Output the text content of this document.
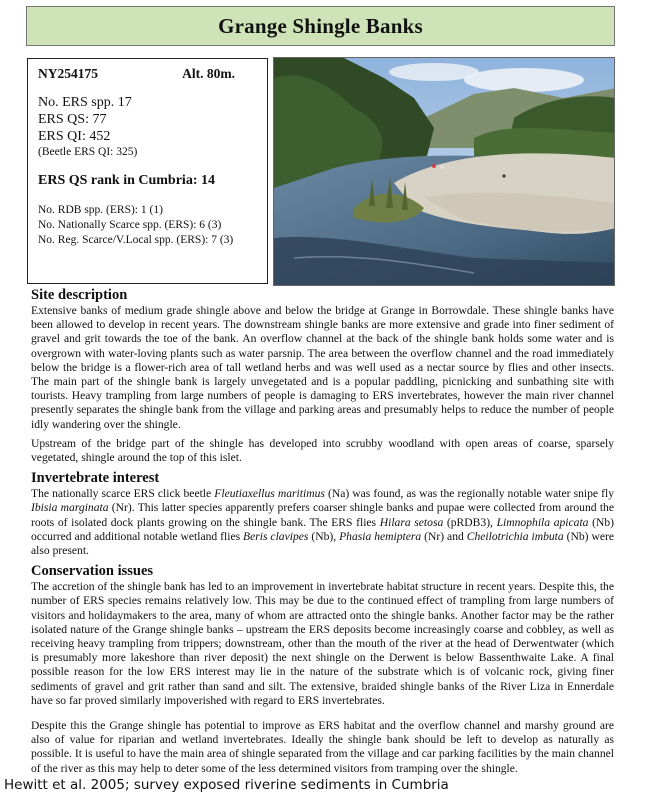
Grange Shingle Banks
NY254175	Alt. 80m.
No. ERS spp. 17
ERS QS: 77
ERS QI: 452
(Beetle ERS QI: 325)
ERS QS rank in Cumbria: 14
No. RDB spp. (ERS): 1 (1)
No. Nationally Scarce spp. (ERS): 6 (3)
No. Reg. Scarce/V.Local spp. (ERS): 7 (3)
Site description

Extensive banks of medium grade shingle above and below the bridge at Grange in Borrowdale. These shingle banks have been allowed to develop in recent years. The downstream shingle banks are more extensive and grade into finer sediment of gravel and grit towards the toe of the bank. An overflow channel at the back of the shingle bank holds some water and is overgrown with water-loving plants such as water parsnip. The area between the overflow channel and the road immediately below the bridge is a flower-rich area of tall wetland herbs and was well used as a nectar source by flies and other insects. The main part of the shingle bank is largely unvegetated and is a popular paddling, picnicking and sunbathing site with tourists. Heavy trampling from large numbers of people is damaging to ERS invertebrates, however the main river channel presently separates the shingle bank from the village and parking areas and presumably helps to reduce the number of people idly wandering over the shingle.

Upstream of the bridge part of the shingle has developed into scrubby woodland with open areas of coarse, sparsely vegetated, shingle around the top of this islet.

Invertebrate interest

The nationally scarce ERS click beetle Fleutiaxellus maritimus (Na) was found, as was the regionally notable water snipe fly Ibisia marginata (Nr). This latter species apparently prefers coarser shingle banks and pupae were collected from around the roots of isolated dock plants growing on the shingle bank. The ERS flies Hilara setosa (pRDB3), Limnophila apicata (Nb) occurred and additional notable wetland flies Beris clavipes (Nb), Phasia hemiptera (Nr) and Cheilotrichia imbuta (Nb) were also present.

Conservation issues

The accretion of the shingle bank has led to an improvement in invertebrate habitat structure in recent years. Despite this, the number of ERS species remains relatively low. This may be due to the continued effect of trampling from large numbers of visitors and holidaymakers to the area, many of whom are attracted onto the shingle banks. Another factor may be the rather isolated nature of the Grange shingle banks – upstream the ERS deposits become increasingly coarse and cobbley, as well as receiving heavy trampling from trippers; downstream, other than the mouth of the river at the head of Derwentwater (which is presumably more lakeshore than river deposit) the next shingle on the Derwent is below Bassenthwaite Lake. A final possible reason for the low ERS interest may lie in the nature of the substrate which is of volcanic rock, giving finer sediments of gravel and grit rather than sand and silt. The extensive, braided shingle banks of the River Liza in Ennerdale have so far proved similarly impoverished with regard to ERS invertebrates.

Despite this the Grange shingle has potential to improve as ERS habitat and the overflow channel and marshy ground are also of value for riparian and wetland invertebrates. Ideally the shingle bank should be left to develop as naturally as possible. It is useful to have the main area of shingle separated from the village and car parking facilities by the main channel of the river as this may help to deter some of the less determined visitors from tramping over the shingle.

Hewitt et al. 2005; survey exposed riverine sediments in Cumbria
